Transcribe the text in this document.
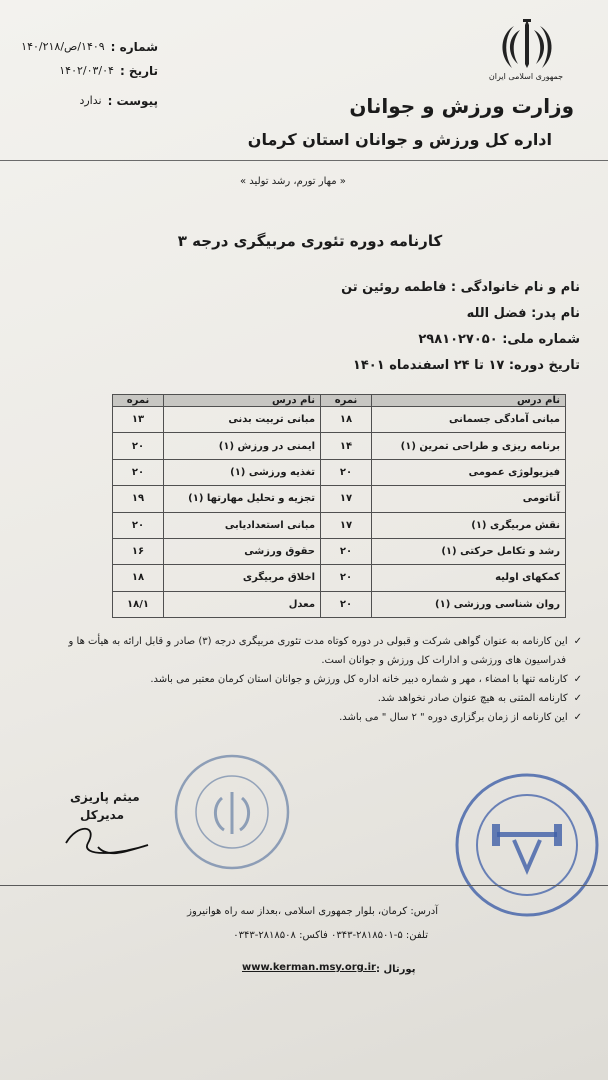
جمهوری اسلامی ایران
شماره :
۱۴۰۹/ص/۱۴۰/۲۱۸
تاریخ :
۱۴۰۲/۰۳/۰۴
پیوست :
ندارد	وزارت ورزش و جوانان
اداره کل ورزش و جوانان استان کرمان
« مهار تورم، رشد تولید »
کارنامه دوره تئوری مربیگری درجه ۳
نام و نام خانوادگی : فاطمه روئین تن
نام پدر: فضل الله
شماره ملی: ۲۹۸۱۰۲۷۰۵۰
تاریخ دوره: ۱۷ تا ۲۴ اسفندماه ۱۴۰۱
نام درس	نمره	نام درس	نمره
مبانی آمادگی جسمانی	۱۸	مبانی تربیت بدنی	۱۳
برنامه ریزی و طراحی تمرین (۱)	۱۴	ایمنی در ورزش (۱)	۲۰
فیزیولوژی عمومی	۲۰	تغذیه ورزشی (۱)	۲۰
آناتومی	۱۷	تجزیه و تحلیل مهارتها (۱)	۱۹
نقش مربیگری (۱)	۱۷	مبانی استعدادیابی	۲۰
رشد و تکامل حرکتی (۱)	۲۰	حقوق ورزشی	۱۶
کمکهای اولیه	۲۰	اخلاق مربیگری	۱۸
روان شناسی ورزشی (۱)	۲۰	معدل	۱۸/۱
✓
این کارنامه به عنوان گواهی شرکت و قبولی در دوره کوتاه مدت تئوری مربیگری درجه (۳) صادر و قابل ارائه به هیأت ها و
فدراسیون های ورزشی و ادارات کل ورزش و جوانان است.
✓
کارنامه تنها با امضاء ، مهر و شماره دبیر خانه اداره کل ورزش و جوانان استان کرمان معتبر می باشد.
✓
کارنامه المثنی به هیچ عنوان صادر نخواهد شد.
✓
این کارنامه از زمان برگزاری دوره " ۲ سال " می باشد.
میثم پاریزی
مدیرکل
آدرس: کرمان، بلوار جمهوری اسلامی ،بعداز سه راه هوانیروز
تلفن: ۵-۲۸۱۸۵۰۱-۰۳۴۳ فاکس: ۲۸۱۸۵۰۸-۰۳۴۳
پورتال :
www.kerman.msy.org.ir
